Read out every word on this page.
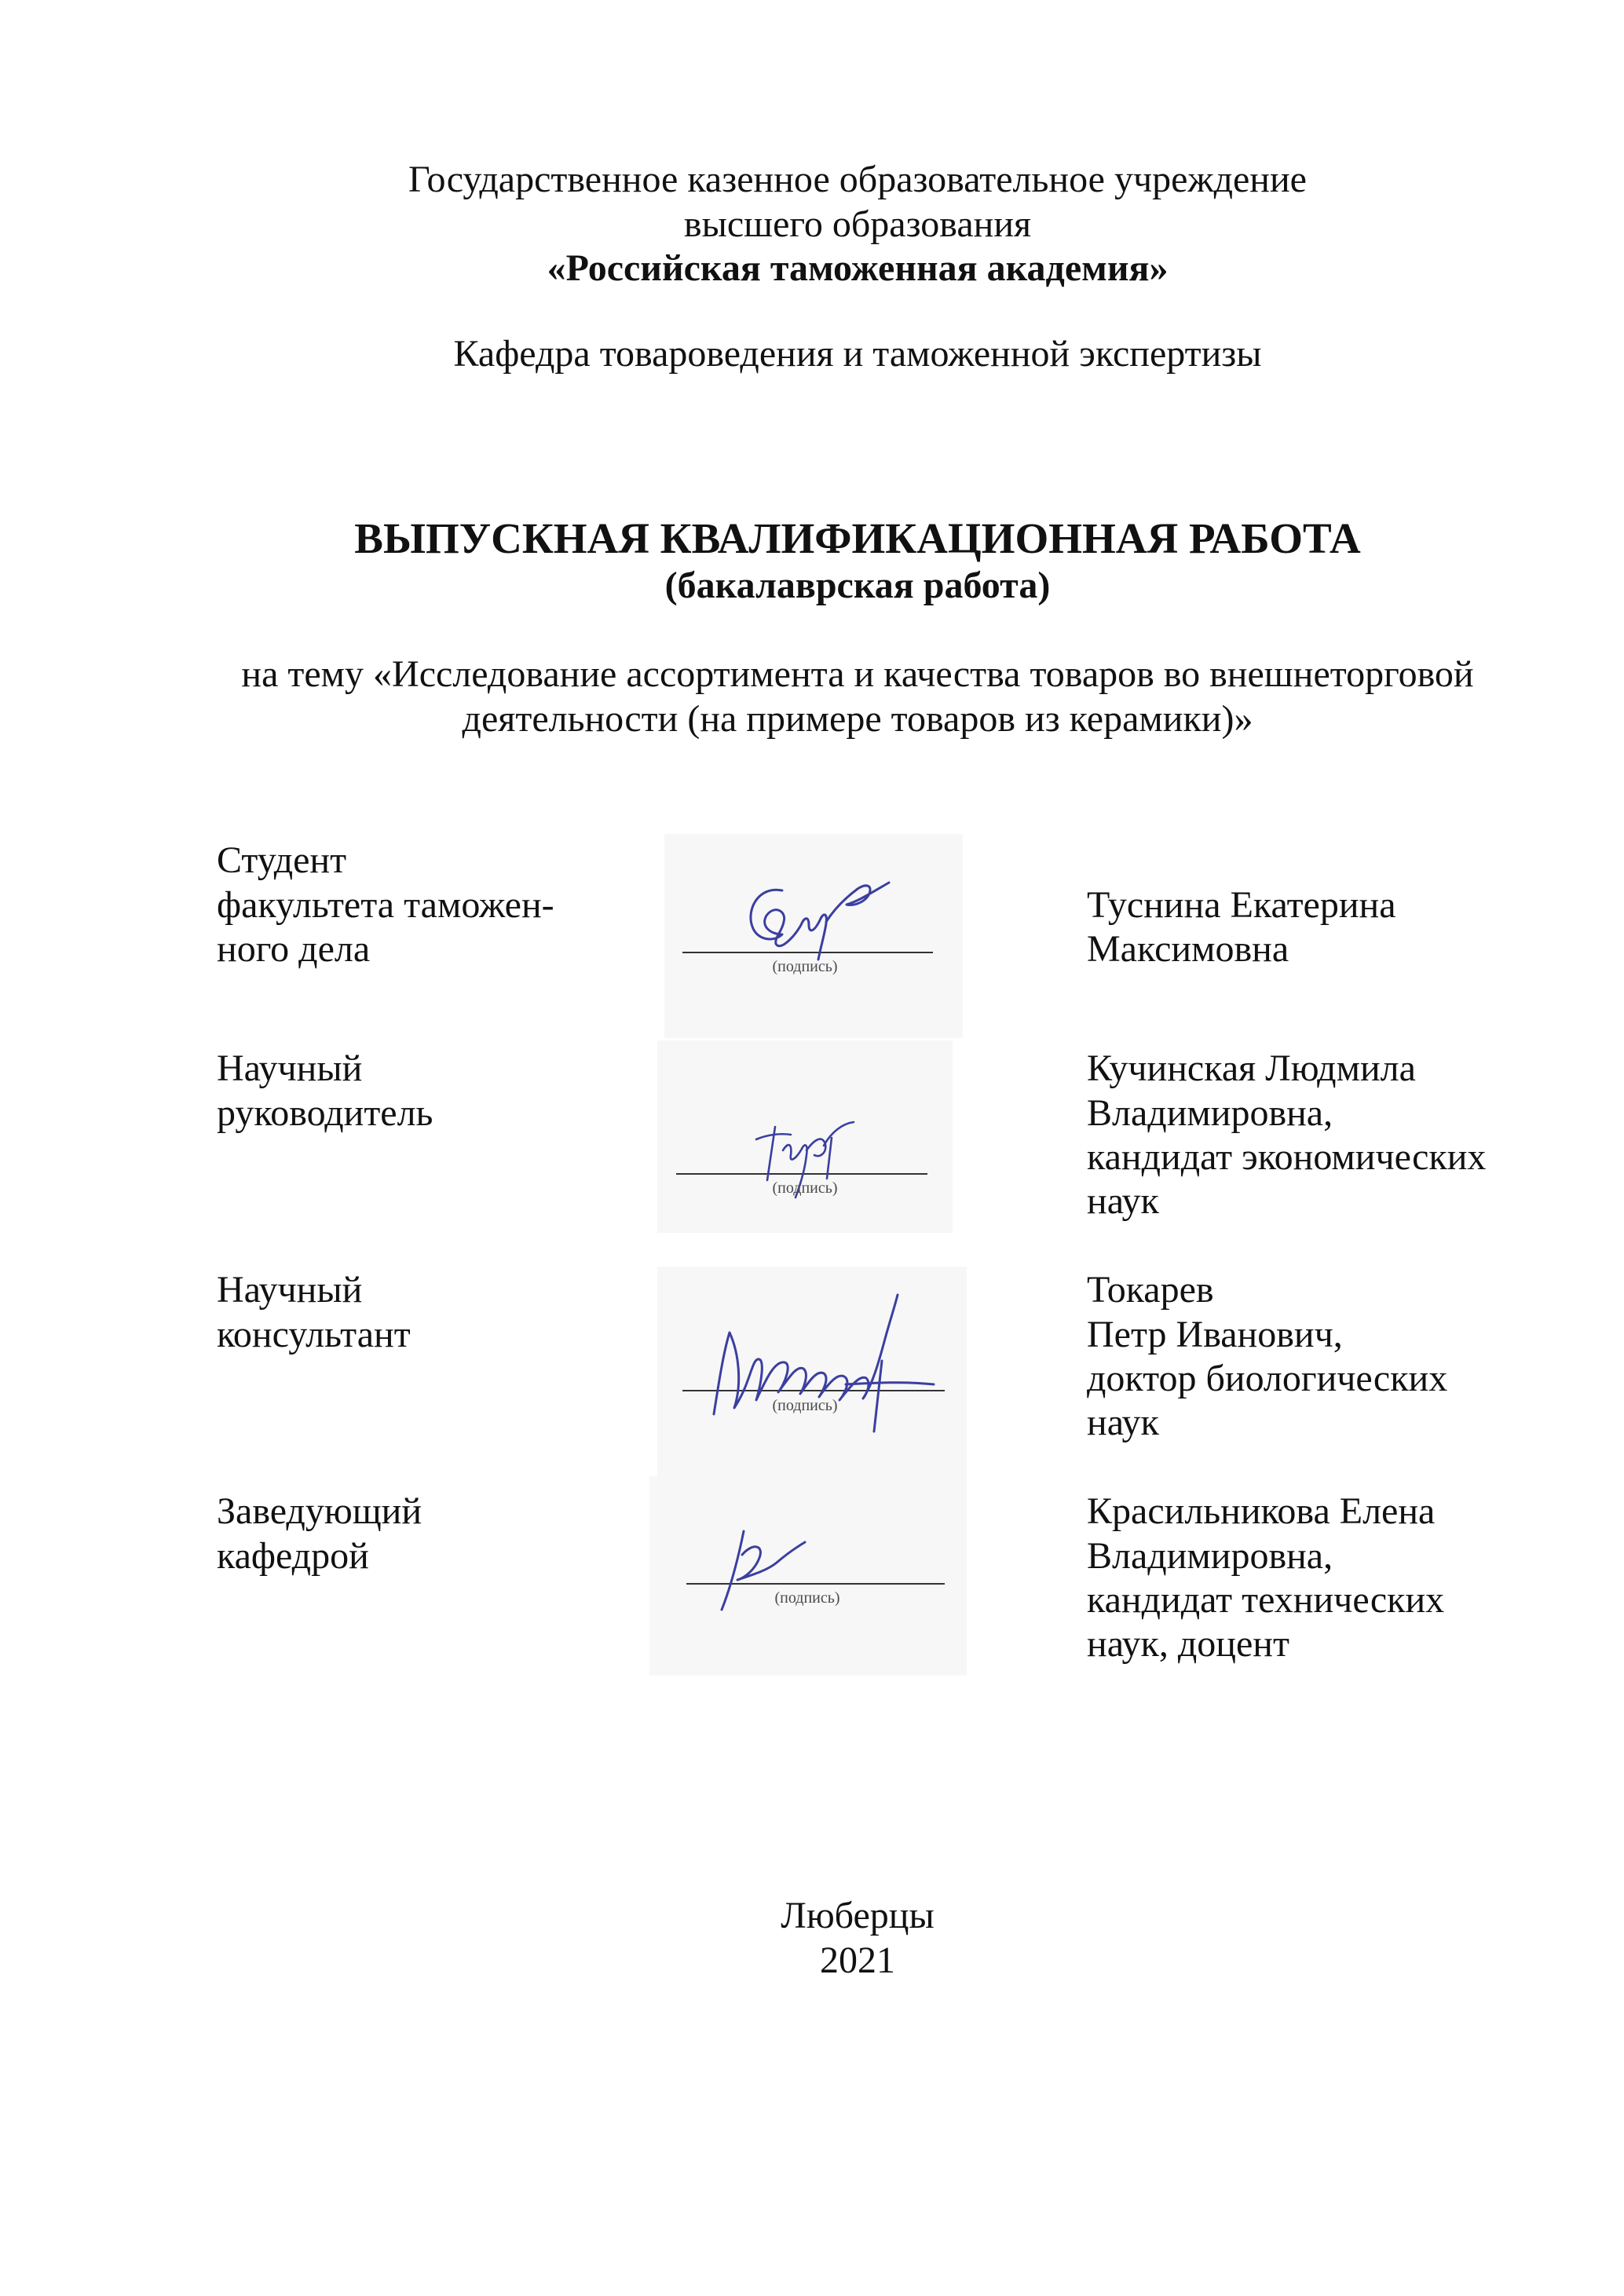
Государственное казенное образовательное учреждение
высшего образования
«Российская таможенная академия»
Кафедра товароведения и таможенной экспертизы
ВЫПУСКНАЯ КВАЛИФИКАЦИОННАЯ РАБОТА
(бакалаврская работа)
на тему «Исследование ассортимента и качества товаров во внешнеторговой
деятельности (на примере товаров из керамики)»
Студент
факультета таможен-
ного дела
Туснина Екатерина
Максимовна
(подпись)
Научный
руководитель
Кучинская Людмила
Владимировна,
кандидат экономических
наук
(подпись)
Научный
консультант
Токарев
Петр Иванович,
доктор биологических
наук
(подпись)
Заведующий
кафедрой
Красильникова Елена
Владимировна,
кандидат технических
наук, доцент
(подпись)
Люберцы
2021
